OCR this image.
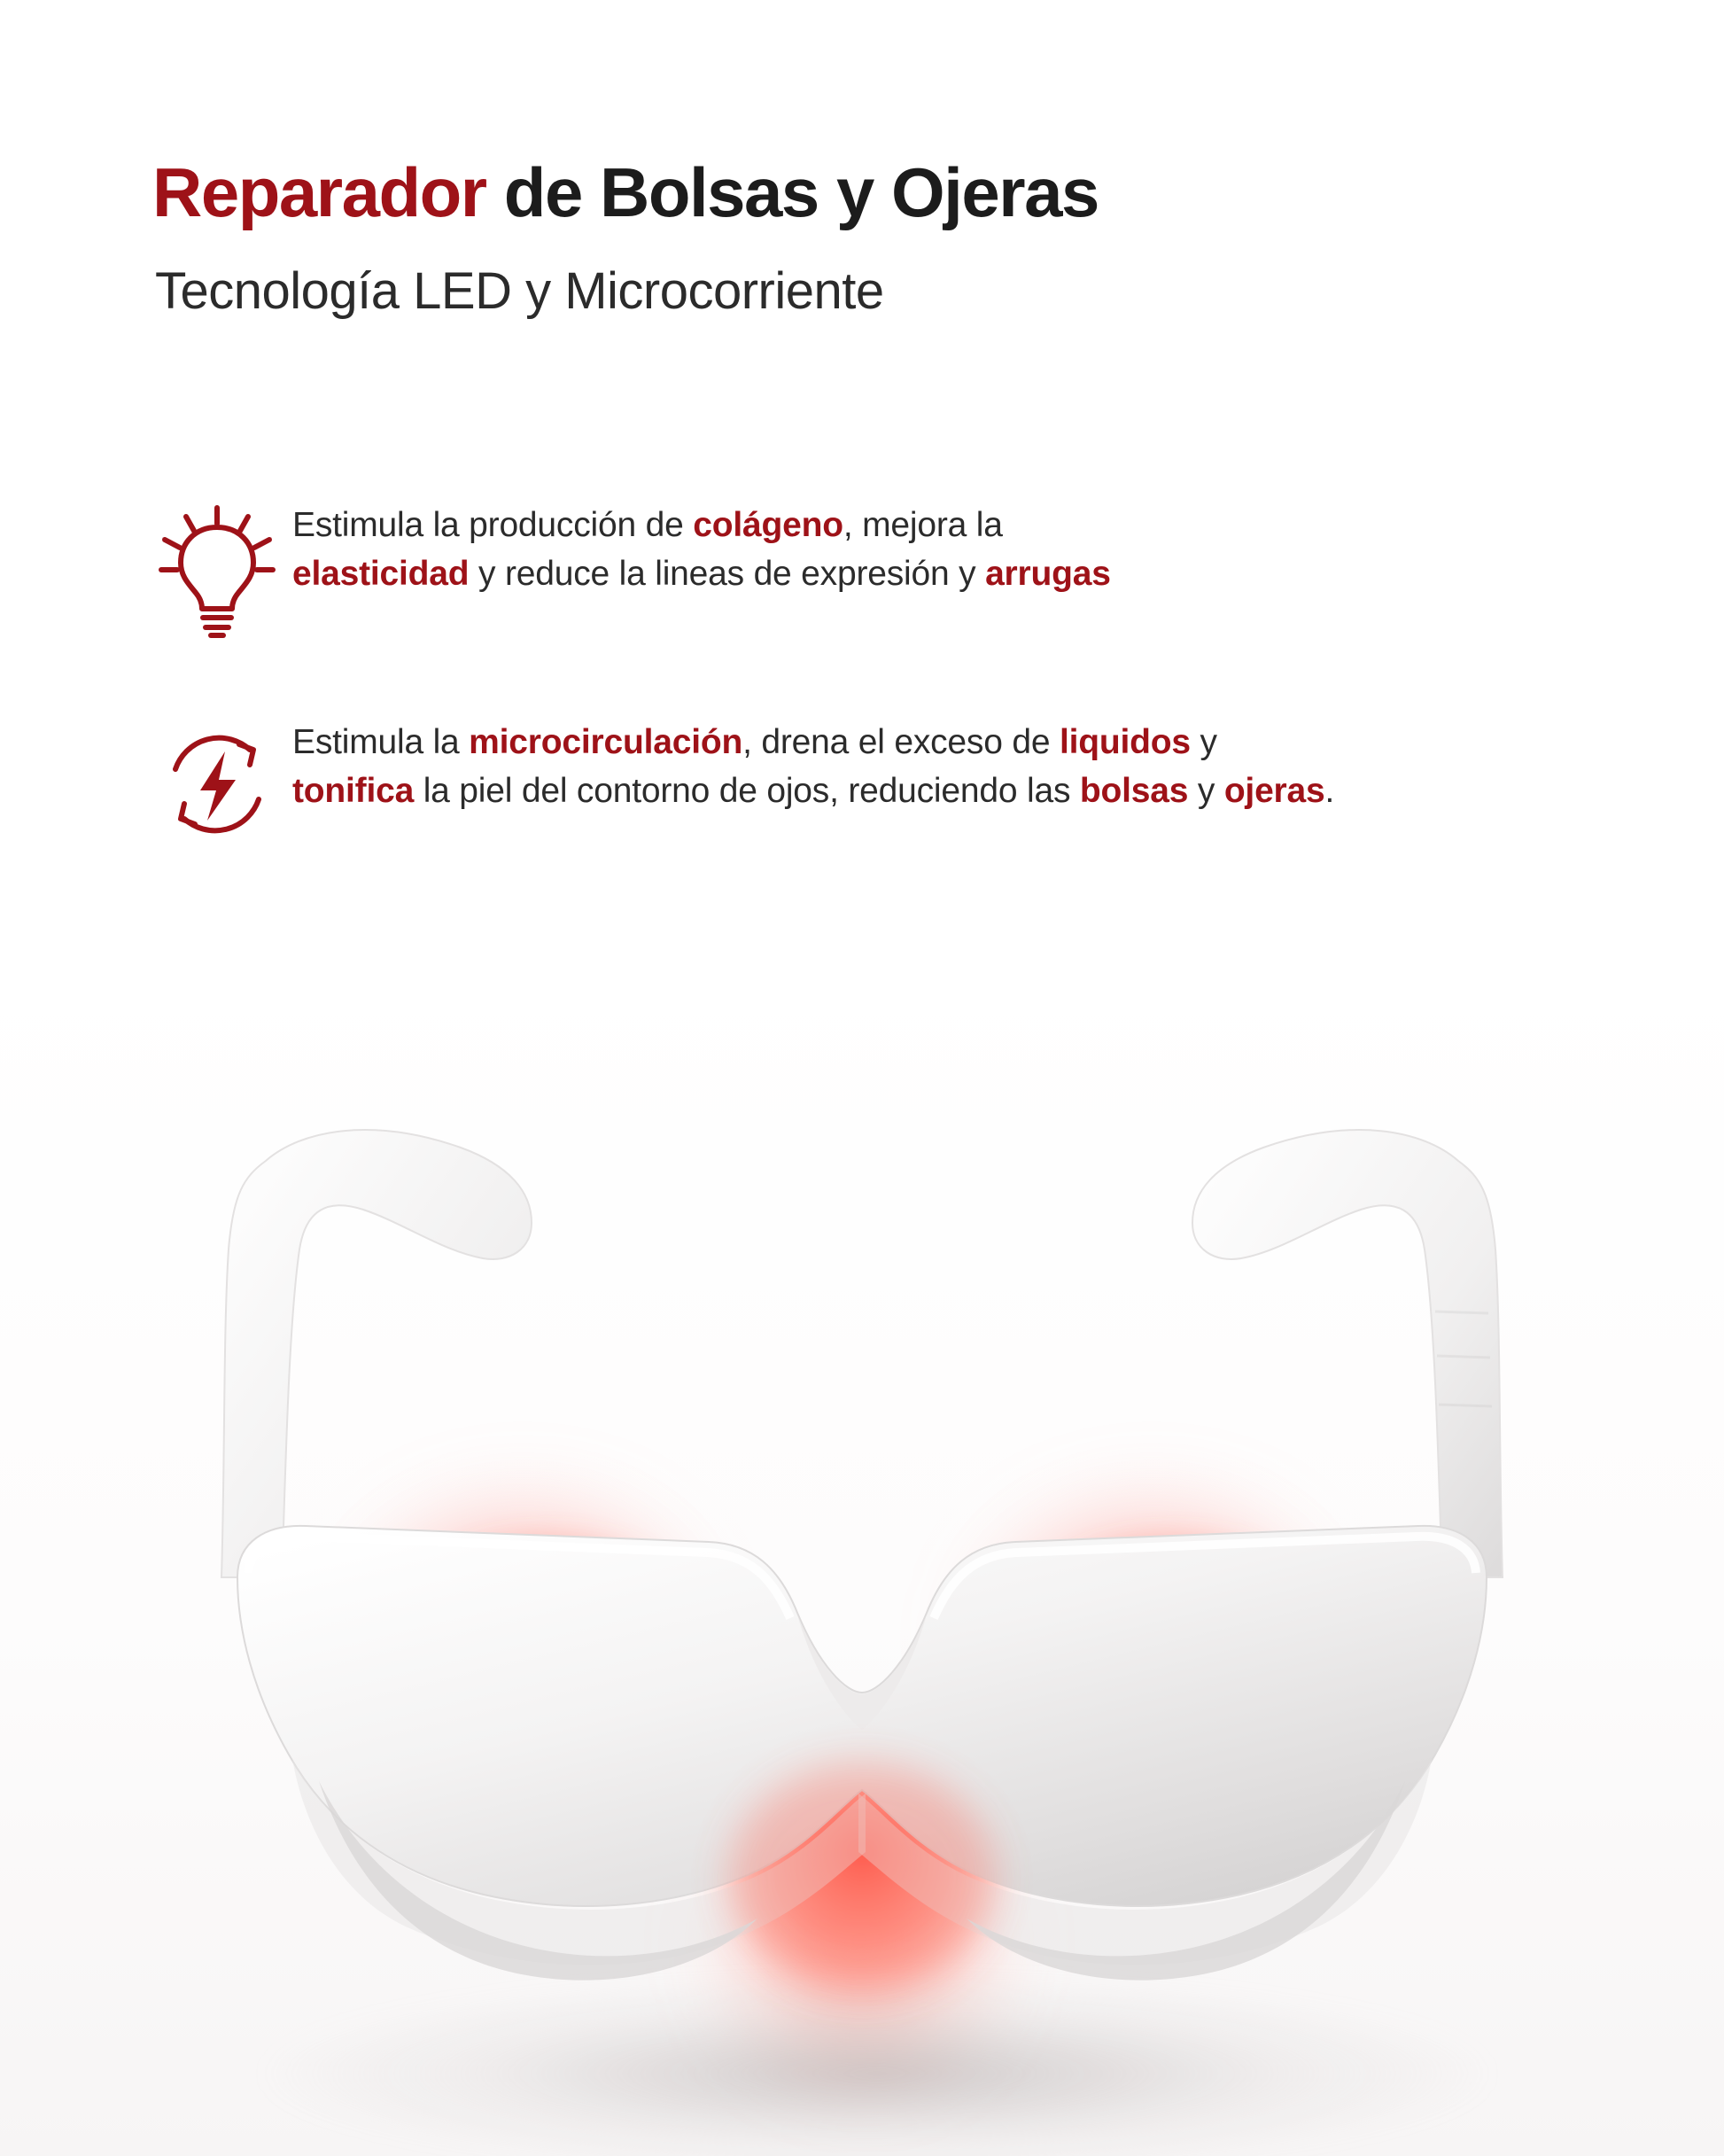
Reparador de Bolsas y Ojeras
Tecnología LED y Microcorriente
Estimula la producción de colágeno, mejora la
elasticidad y reduce la lineas de expresión y arrugas
Estimula la microcirculación, drena el exceso de liquidos y
tonifica la piel del contorno de ojos, reduciendo las bolsas y ojeras.
